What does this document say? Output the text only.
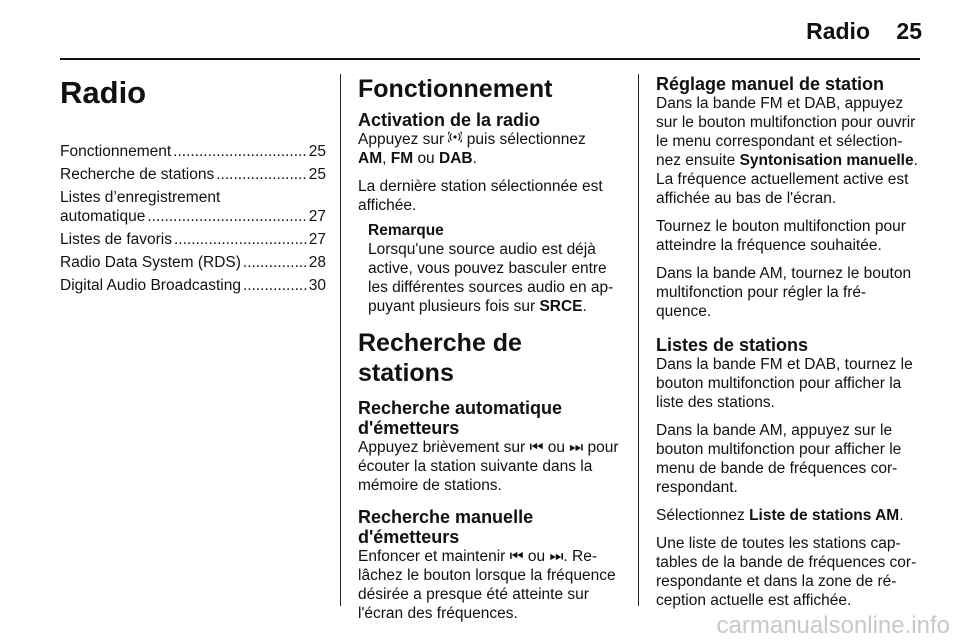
Radio 25
Radio
Fonctionnement .....	25
Recherche de stations .....	25
Listes d’enregistrement
automatique .....	27
Listes de favoris .....	27
Radio Data System (RDS) .....	28
Digital Audio Broadcasting .....	30
Fonctionnement
Activation de la radio

Appuyez sur puis sélectionnez
AM, FM ou DAB.

La dernière station sélectionnée est affichée.

Remarque
Lorsqu'une source audio est déjà active, vous pouvez basculer entre les différentes sources audio en ap- puyant plusieurs fois sur SRCE.
Recherche de stations
Recherche automatique
d'émetteurs

Appuyez brièvement sur ⏮ ou ⏭ pour écouter la station suivante dans la mémoire de stations.

Recherche manuelle
d'émetteurs

Enfoncer et maintenir ⏮ ou ⏭. Re- lâchez le bouton lorsque la fréquence désirée a presque été atteinte sur l'écran des fréquences.

Réglage manuel de station

Dans la bande FM et DAB, appuyez sur le bouton multifonction pour ouvrir le menu correspondant et sélection- nez ensuite Syntonisation manuelle. La fréquence actuellement active est affichée au bas de l'écran.

Tournez le bouton multifonction pour atteindre la fréquence souhaitée.

Dans la bande AM, tournez le bouton multifonction pour régler la fré- quence.

Listes de stations

Dans la bande FM et DAB, tournez le bouton multifonction pour afficher la liste des stations.

Dans la bande AM, appuyez sur le bouton multifonction pour afficher le menu de bande de fréquences cor- respondant.

Sélectionnez Liste de stations AM.

Une liste de toutes les stations cap- tables de la bande de fréquences cor- respondante et dans la zone de ré- ception actuelle est affichée.

carmanualsonline.info
